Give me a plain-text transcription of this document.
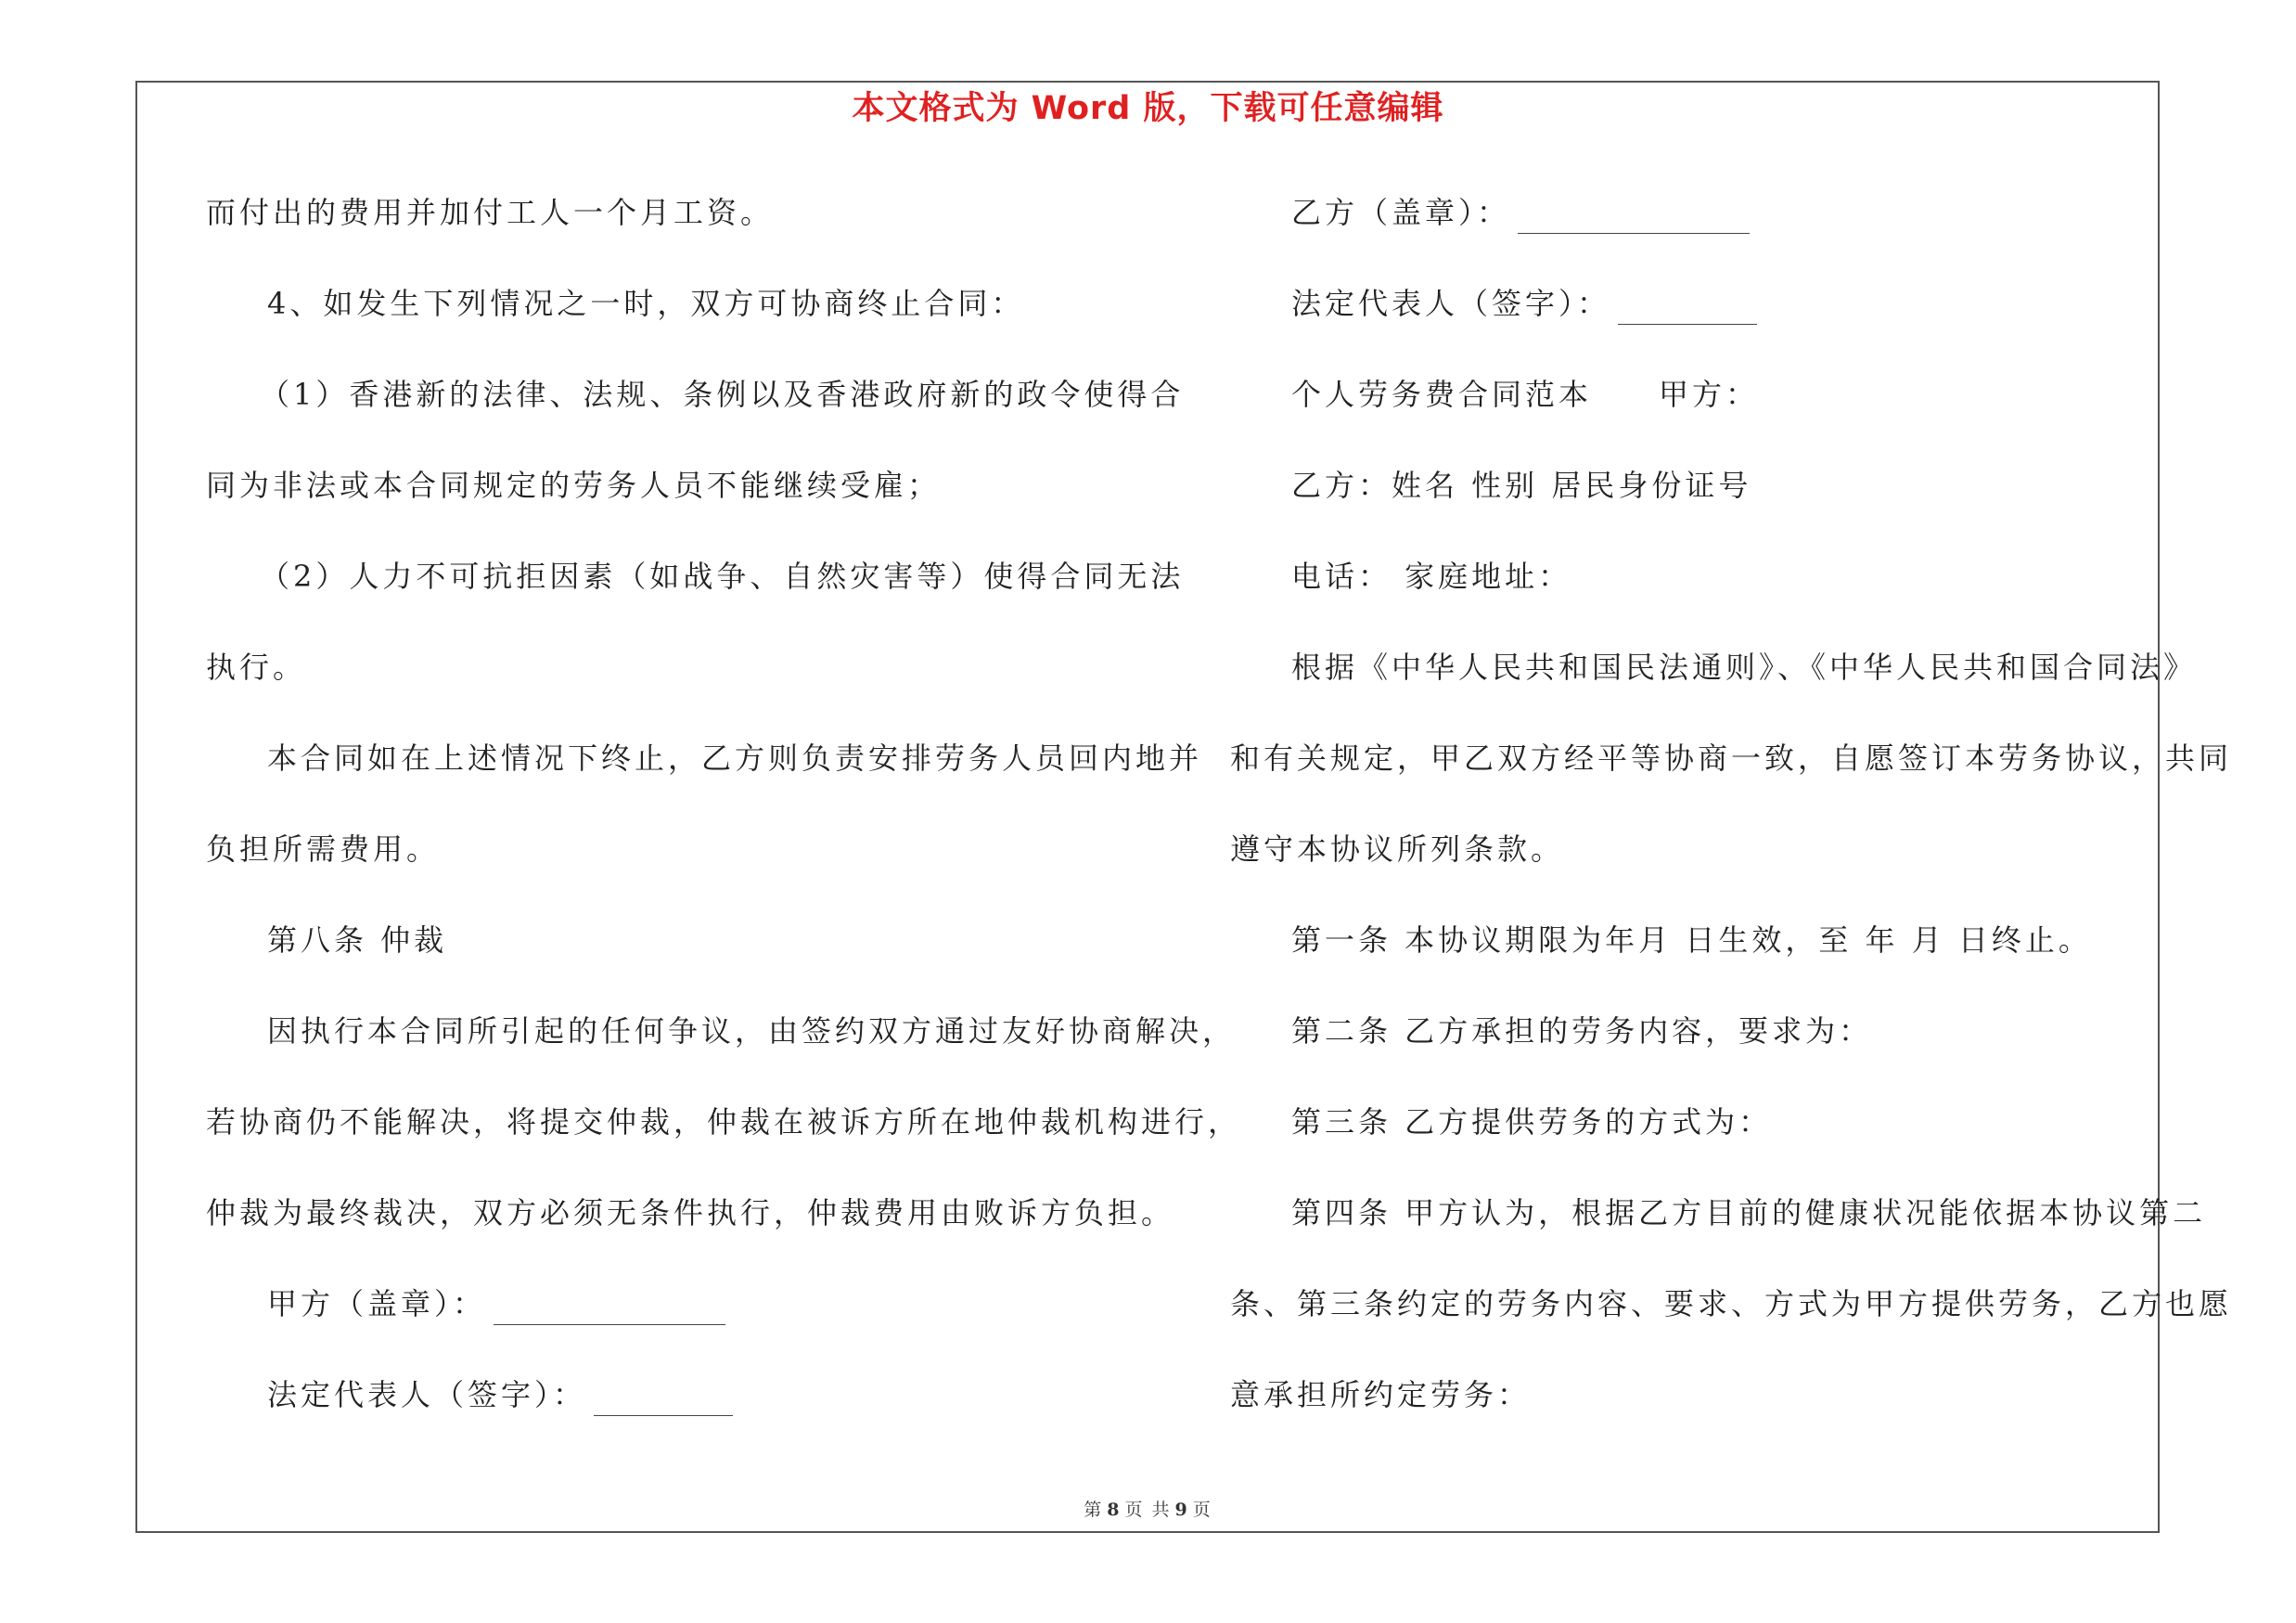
本文格式为 Word 版，下载可任意编辑
而付出的费用并加付工人一个月工资。
4、如发生下列情况之一时，双方可协商终止合同：
（1）香港新的法律、法规、条例以及香港政府新的政令使得合
同为非法或本合同规定的劳务人员不能继续受雇；
（2）人力不可抗拒因素（如战争、自然灾害等）使得合同无法
执行。
本合同如在上述情况下终止，乙方则负责安排劳务人员回内地并
负担所需费用。
第八条 仲裁
因执行本合同所引起的任何争议，由签约双方通过友好协商解决，
若协商仍不能解决，将提交仲裁，仲裁在被诉方所在地仲裁机构进行，
仲裁为最终裁决，双方必须无条件执行，仲裁费用由败诉方负担。
甲方（盖章）：
法定代表人（签字）：
乙方（盖章）：
法定代表人（签字）：
个人劳务费合同范本 甲方：
乙方：姓名 性别 居民身份证号
电话： 家庭地址：
根据《中华人民共和国民法通则》、《中华人民共和国合同法》
和有关规定，甲乙双方经平等协商一致，自愿签订本劳务协议，共同
遵守本协议所列条款。
第一条 本协议期限为年月 日生效，至 年 月 日终止。
第二条 乙方承担的劳务内容，要求为：
第三条 乙方提供劳务的方式为：
第四条 甲方认为，根据乙方目前的健康状况能依据本协议第二
条、第三条约定的劳务内容、要求、方式为甲方提供劳务，乙方也愿
意承担所约定劳务：
第 8 页 共 9 页
